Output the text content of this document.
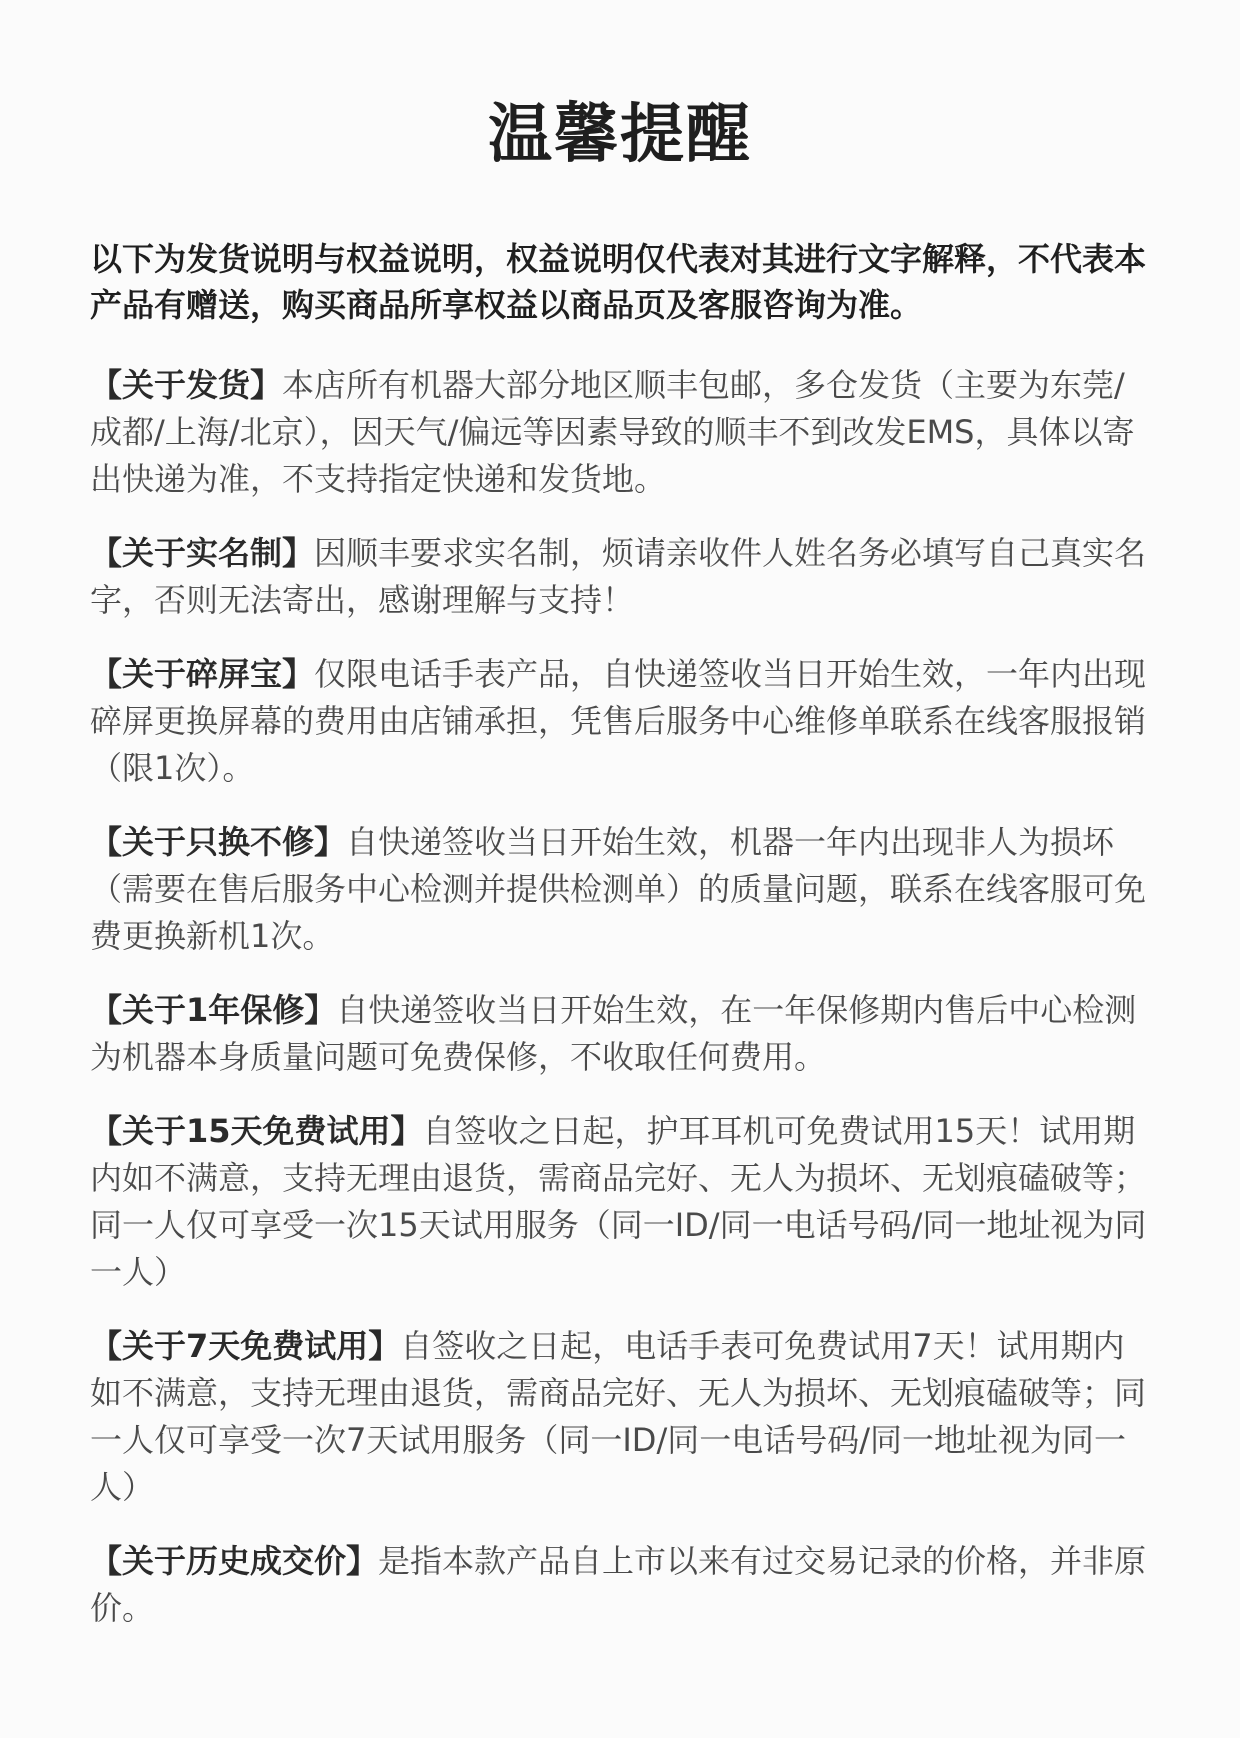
温馨提醒
以下为发货说明与权益说明，权益说明仅代表对其进行文字解释，不代表本产品有赠送，购买商品所享权益以商品页及客服咨询为准。
【关于发货】本店所有机器大部分地区顺丰包邮，多仓发货（主要为东莞/成都/上海/北京），因天气/偏远等因素导致的顺丰不到改发EMS，具体以寄出快递为准，不支持指定快递和发货地。
【关于实名制】因顺丰要求实名制，烦请亲收件人姓名务必填写自己真实名字，否则无法寄出，感谢理解与支持！
【关于碎屏宝】仅限电话手表产品，自快递签收当日开始生效，一年内出现碎屏更换屏幕的费用由店铺承担，凭售后服务中心维修单联系在线客服报销（限1次）。
【关于只换不修】自快递签收当日开始生效，机器一年内出现非人为损坏（需要在售后服务中心检测并提供检测单）的质量问题，联系在线客服可免费更换新机1次。
【关于1年保修】自快递签收当日开始生效，在一年保修期内售后中心检测为机器本身质量问题可免费保修，不收取任何费用。
【关于15天免费试用】自签收之日起，护耳耳机可免费试用15天！试用期内如不满意，支持无理由退货，需商品完好、无人为损坏、无划痕磕破等；同一人仅可享受一次15天试用服务（同一ID/同一电话号码/同一地址视为同一人）
【关于7天免费试用】自签收之日起，电话手表可免费试用7天！试用期内如不满意，支持无理由退货，需商品完好、无人为损坏、无划痕磕破等；同一人仅可享受一次7天试用服务（同一ID/同一电话号码/同一地址视为同一人）
【关于历史成交价】是指本款产品自上市以来有过交易记录的价格，并非原价。
